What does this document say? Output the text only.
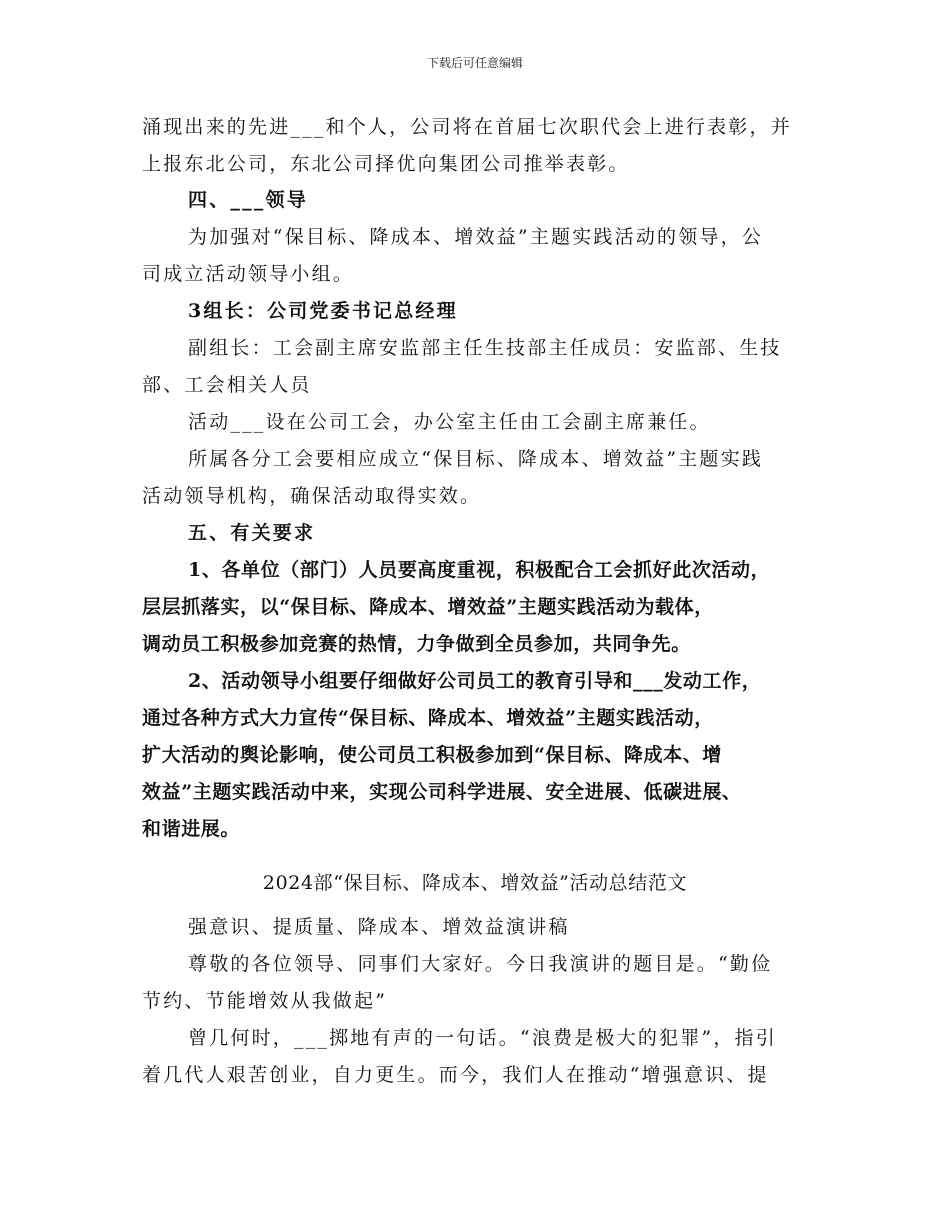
下载后可任意编辑
涌现出来的先进___和个人，公司将在首届七次职代会上进行表彰，并
上报东北公司，东北公司择优向集团公司推举表彰。
四、___领导
为加强对“保目标、降成本、增效益”主题实践活动的领导，公
司成立活动领导小组。
3组长：公司党委书记总经理
副组长：工会副主席安监部主任生技部主任成员：安监部、生技
部、工会相关人员
活动___设在公司工会，办公室主任由工会副主席兼任。
所属各分工会要相应成立“保目标、降成本、增效益”主题实践
活动领导机构，确保活动取得实效。
五、有关要求
1、各单位（部门）人员要高度重视，积极配合工会抓好此次活动，
层层抓落实，以“保目标、降成本、增效益”主题实践活动为载体，
调动员工积极参加竞赛的热情，力争做到全员参加，共同争先。
2、活动领导小组要仔细做好公司员工的教育引导和___发动工作，
通过各种方式大力宣传“保目标、降成本、增效益”主题实践活动，
扩大活动的舆论影响，使公司员工积极参加到“保目标、降成本、增
效益”主题实践活动中来，实现公司科学进展、安全进展、低碳进展、
和谐进展。
2024部“保目标、降成本、增效益”活动总结范文
强意识、提质量、降成本、增效益演讲稿
尊敬的各位领导、同事们大家好。今日我演讲的题目是。“勤俭
节约、节能增效从我做起”
曾几何时，___掷地有声的一句话。“浪费是极大的犯罪”，指引
着几代人艰苦创业，自力更生。而今，我们人在推动“增强意识、提
